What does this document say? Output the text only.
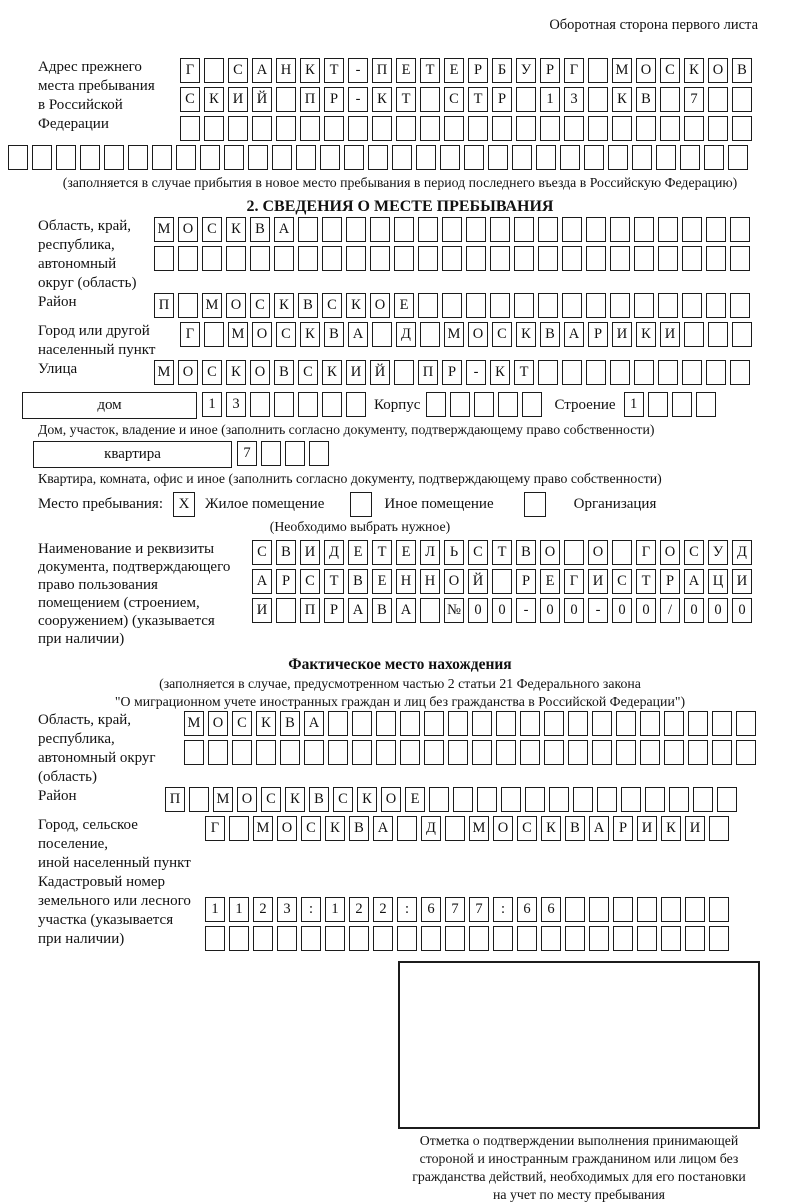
Оборотная сторона первого листа
Адрес прежнего
места пребывания
в Российской
Федерации
Г	С А Н К	Т	-	П Е	Т	Е	Р	Б	У	Р	Г	М О С К О В
С К И Й	П	Р	-	К	Т	С	Т	Р	1	3	К В	7
(заполняется в случае прибытия в новое место пребывания в период последнего въезда в Российскую Федерацию)
2. СВЕДЕНИЯ О МЕСТЕ ПРЕБЫВАНИЯ
Область, край,
республика,
автономный
округ (область)
М О С К В А
Район	П	М О С К В С К О Е
Город или другой
населенный пункт
Г	М О С К В А	Д	М О С К В А	Р	И К И
Улица	М О С К О В С К И Й	П	Р	-	К	Т
дом	1	3	Корпус	Строение 1
Дом, участок, владение и иное (заполнить согласно документу, подтверждающему право собственности)
квартира	7
Квартира, комната, офис и иное (заполнить согласно документу, подтверждающему право собственности)
Место пребывания:	X	Жилое помещение	Иное помещение	Организация
(Необходимо выбрать нужное)
Наименование и реквизиты
документа, подтверждающего
право пользования
помещением (строением,
сооружением) (указывается
при наличии)
С В И Д	Е	Т	Е	Л	Ь	С	Т	В О	О	Г	О С У Д
А	Р	С	Т	В	Е Н Н О Й	Р	Е	Г	И С	Т	Р	А Ц И
И	П	Р	А В А	№ 0	0	-	0	0	-	0	0	/	0	0	0
Фактическое место нахождения
(заполняется в случае, предусмотренном частью 2 статьи 21 Федерального закона
"О миграционном учете иностранных граждан и лиц без гражданства в Российской Федерации")
Область, край,
республика,
автономный округ
(область)
М О С К В А
Район	П	М О С К В С К О Е
Город, сельское поселение,
иной населенный пункт
Г	М О С К В А	Д	М О С К В А	Р	И К И
Кадастровый номер
земельного или лесного
участка (указывается
при наличии)
1	1	2	3	:	1	2	2	:	6	7	7	:	6	6
Отметка о подтверждении выполнения принимающей
стороной и иностранным гражданином или лицом без
гражданства действий, необходимых для его постановки
на учет по месту пребывания
